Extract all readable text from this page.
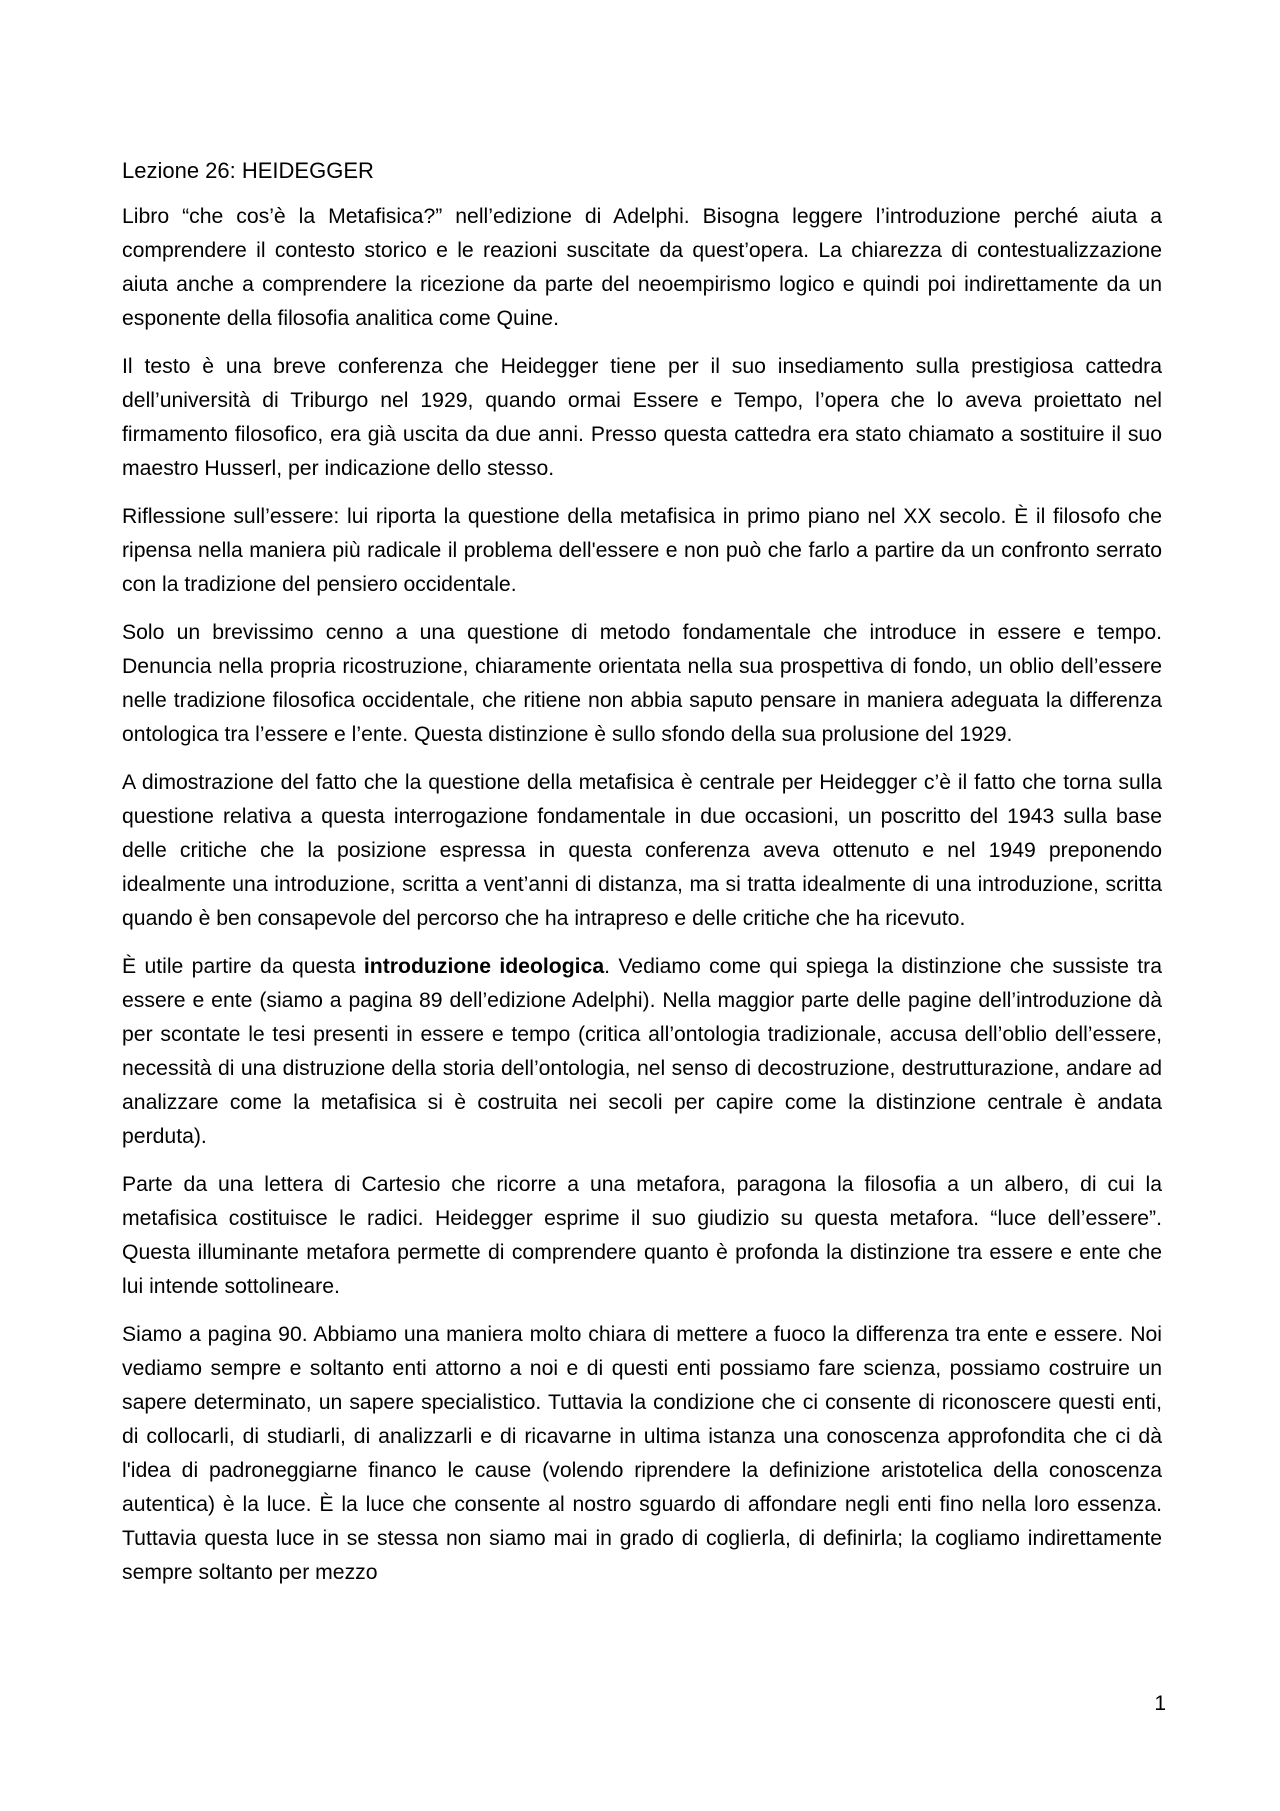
Lezione 26: HEIDEGGER

Libro “che cos’è la Metafisica?” nell’edizione di Adelphi. Bisogna leggere l’introduzione perché aiuta a comprendere il contesto storico e le reazioni suscitate da quest’opera. La chiarezza di contestualizzazione aiuta anche a comprendere la ricezione da parte del neoempirismo logico e quindi poi indirettamente da un esponente della filosofia analitica come Quine.

Il testo è una breve conferenza che Heidegger tiene per il suo insediamento sulla prestigiosa cattedra dell’università di Triburgo nel 1929, quando ormai Essere e Tempo, l’opera che lo aveva proiettato nel firmamento filosofico, era già uscita da due anni. Presso questa cattedra era stato chiamato a sostituire il suo maestro Husserl, per indicazione dello stesso.

Riflessione sull’essere: lui riporta la questione della metafisica in primo piano nel XX secolo. È il filosofo che ripensa nella maniera più radicale il problema dell'essere e non può che farlo a partire da un confronto serrato con la tradizione del pensiero occidentale.

Solo un brevissimo cenno a una questione di metodo fondamentale che introduce in essere e tempo. Denuncia nella propria ricostruzione, chiaramente orientata nella sua prospettiva di fondo, un oblio dell’essere nelle tradizione filosofica occidentale, che ritiene non abbia saputo pensare in maniera adeguata la differenza ontologica tra l’essere e l’ente. Questa distinzione è sullo sfondo della sua prolusione del 1929.

A dimostrazione del fatto che la questione della metafisica è centrale per Heidegger c’è il fatto che torna sulla questione relativa a questa interrogazione fondamentale in due occasioni, un poscritto del 1943 sulla base delle critiche che la posizione espressa in questa conferenza aveva ottenuto e nel 1949 preponendo idealmente una introduzione, scritta a vent’anni di distanza, ma si tratta idealmente di una introduzione, scritta quando è ben consapevole del percorso che ha intrapreso e delle critiche che ha ricevuto.

È utile partire da questa introduzione ideologica. Vediamo come qui spiega la distinzione che sussiste tra essere e ente (siamo a pagina 89 dell’edizione Adelphi). Nella maggior parte delle pagine dell’introduzione dà per scontate le tesi presenti in essere e tempo (critica all’ontologia tradizionale, accusa dell’oblio dell’essere, necessità di una distruzione della storia dell’ontologia, nel senso di decostruzione, destrutturazione, andare ad analizzare come la metafisica si è costruita nei secoli per capire come la distinzione centrale è andata perduta).

Parte da una lettera di Cartesio che ricorre a una metafora, paragona la filosofia a un albero, di cui la metafisica costituisce le radici. Heidegger esprime il suo giudizio su questa metafora. “luce dell’essere”. Questa illuminante metafora permette di comprendere quanto è profonda la distinzione tra essere e ente che lui intende sottolineare.

Siamo a pagina 90. Abbiamo una maniera molto chiara di mettere a fuoco la differenza tra ente e essere. Noi vediamo sempre e soltanto enti attorno a noi e di questi enti possiamo fare scienza, possiamo costruire un sapere determinato, un sapere specialistico. Tuttavia la condizione che ci consente di riconoscere questi enti, di collocarli, di studiarli, di analizzarli e di ricavarne in ultima istanza una conoscenza approfondita che ci dà l'idea di padroneggiarne financo le cause (volendo riprendere la definizione aristotelica della conoscenza autentica) è la luce. È la luce che consente al nostro sguardo di affondare negli enti fino nella loro essenza. Tuttavia questa luce in se stessa non siamo mai in grado di coglierla, di definirla; la cogliamo indirettamente sempre soltanto per mezzo

1
